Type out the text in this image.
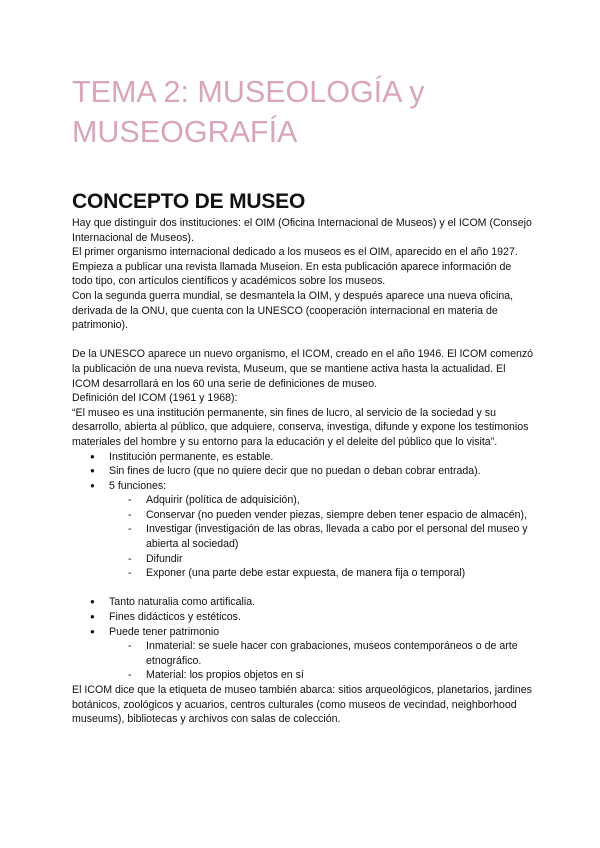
TEMA 2: MUSEOLOGÍA y MUSEOGRAFÍA
CONCEPTO DE MUSEO

Hay que distinguir dos instituciones: el OIM (Oficina Internacional de Museos) y el ICOM (Consejo Internacional de Museos).

El primer organismo internacional dedicado a los museos es el OIM, aparecido en el año 1927. Empieza a publicar una revista llamada Museion. En esta publicación aparece información de todo tipo, con artículos científicos y académicos sobre los museos.

Con la segunda guerra mundial, se desmantela la OIM, y después aparece una nueva oficina, derivada de la ONU, que cuenta con la UNESCO (cooperación internacional en materia de patrimonio).

De la UNESCO aparece un nuevo organismo, el ICOM, creado en el año 1946. El ICOM comenzó la publicación de una nueva revista, Museum, que se mantiene activa hasta la actualidad. El ICOM desarrollará en los 60 una serie de definiciones de museo.

Definición del ICOM (1961 y 1968):

“El museo es una institución permanente, sin fines de lucro, al servicio de la sociedad y su desarrollo, abierta al público, que adquiere, conserva, investiga, difunde y expone los testimonios materiales del hombre y su entorno para la educación y el deleite del público que lo visita”.

● Institución permanente, es estable.
● Sin fines de lucro (que no quiere decir que no puedan o deban cobrar entrada).
● 5 funciones:
- Adquirir (política de adquisición),
- Conservar (no pueden vender piezas, siempre deben tener espacio de almacén),
- Investigar (investigación de las obras, llevada a cabo por el personal del museo y abierta al sociedad)
- Difundir
- Exponer (una parte debe estar expuesta, de manera fija o temporal)
● Tanto naturalia como artificalia.
● Fines didácticos y estéticos.
● Puede tener patrimonio
- Inmaterial: se suele hacer con grabaciones, museos contemporáneos o de arte etnográfico.
- Material: los propios objetos en sí

El ICOM dice que la etiqueta de museo también abarca: sitios arqueológicos, planetarios, jardines botánicos, zoológicos y acuarios, centros culturales (como museos de vecindad, neighborhood museums), bibliotecas y archivos con salas de colección.
